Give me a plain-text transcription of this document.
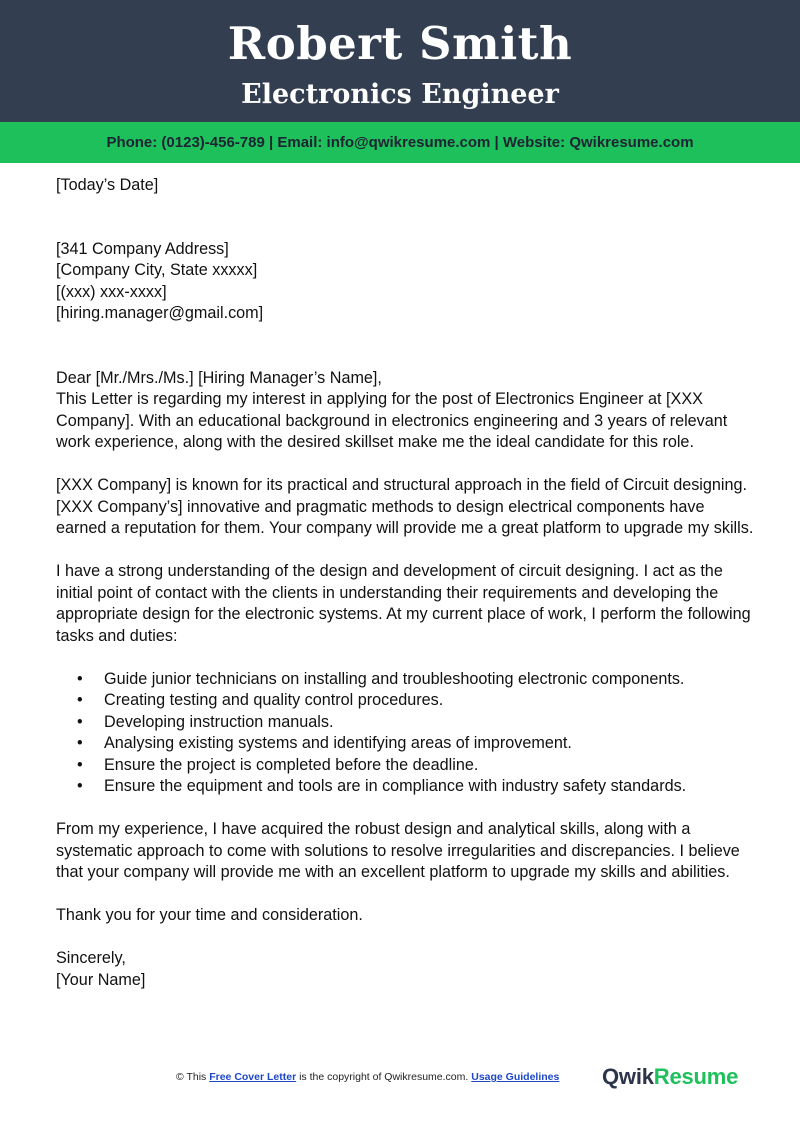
Robert Smith
Electronics Engineer
Phone: (0123)-456-789 | Email: info@qwikresume.com | Website: Qwikresume.com

[Today’s Date]

[341 Company Address]
[Company City, State xxxxx]
[(xxx) xxx-xxxx]
[hiring.manager@gmail.com]

Dear [Mr./Mrs./Ms.] [Hiring Manager’s Name],

This Letter is regarding my interest in applying for the post of Electronics Engineer at [XXX Company]. With an educational background in electronics engineering and 3 years of relevant work experience, along with the desired skillset make me the ideal candidate for this role.

[XXX Company] is known for its practical and structural approach in the field of Circuit designing. [XXX Company’s] innovative and pragmatic methods to design electrical components have earned a reputation for them. Your company will provide me a great platform to upgrade my skills.

I have a strong understanding of the design and development of circuit designing. I act as the initial point of contact with the clients in understanding their requirements and developing the appropriate design for the electronic systems. At my current place of work, I perform the following tasks and duties:

• Guide junior technicians on installing and troubleshooting electronic components.
• Creating testing and quality control procedures.
• Developing instruction manuals.
• Analysing existing systems and identifying areas of improvement.
• Ensure the project is completed before the deadline.
• Ensure the equipment and tools are in compliance with industry safety standards.

From my experience, I have acquired the robust design and analytical skills, along with a systematic approach to come with solutions to resolve irregularities and discrepancies. I believe that your company will provide me with an excellent platform to upgrade my skills and abilities.

Thank you for your time and consideration.

Sincerely,

[Your Name]

© This Free Cover Letter is the copyright of Qwikresume.com. Usage Guidelines QwikResume
